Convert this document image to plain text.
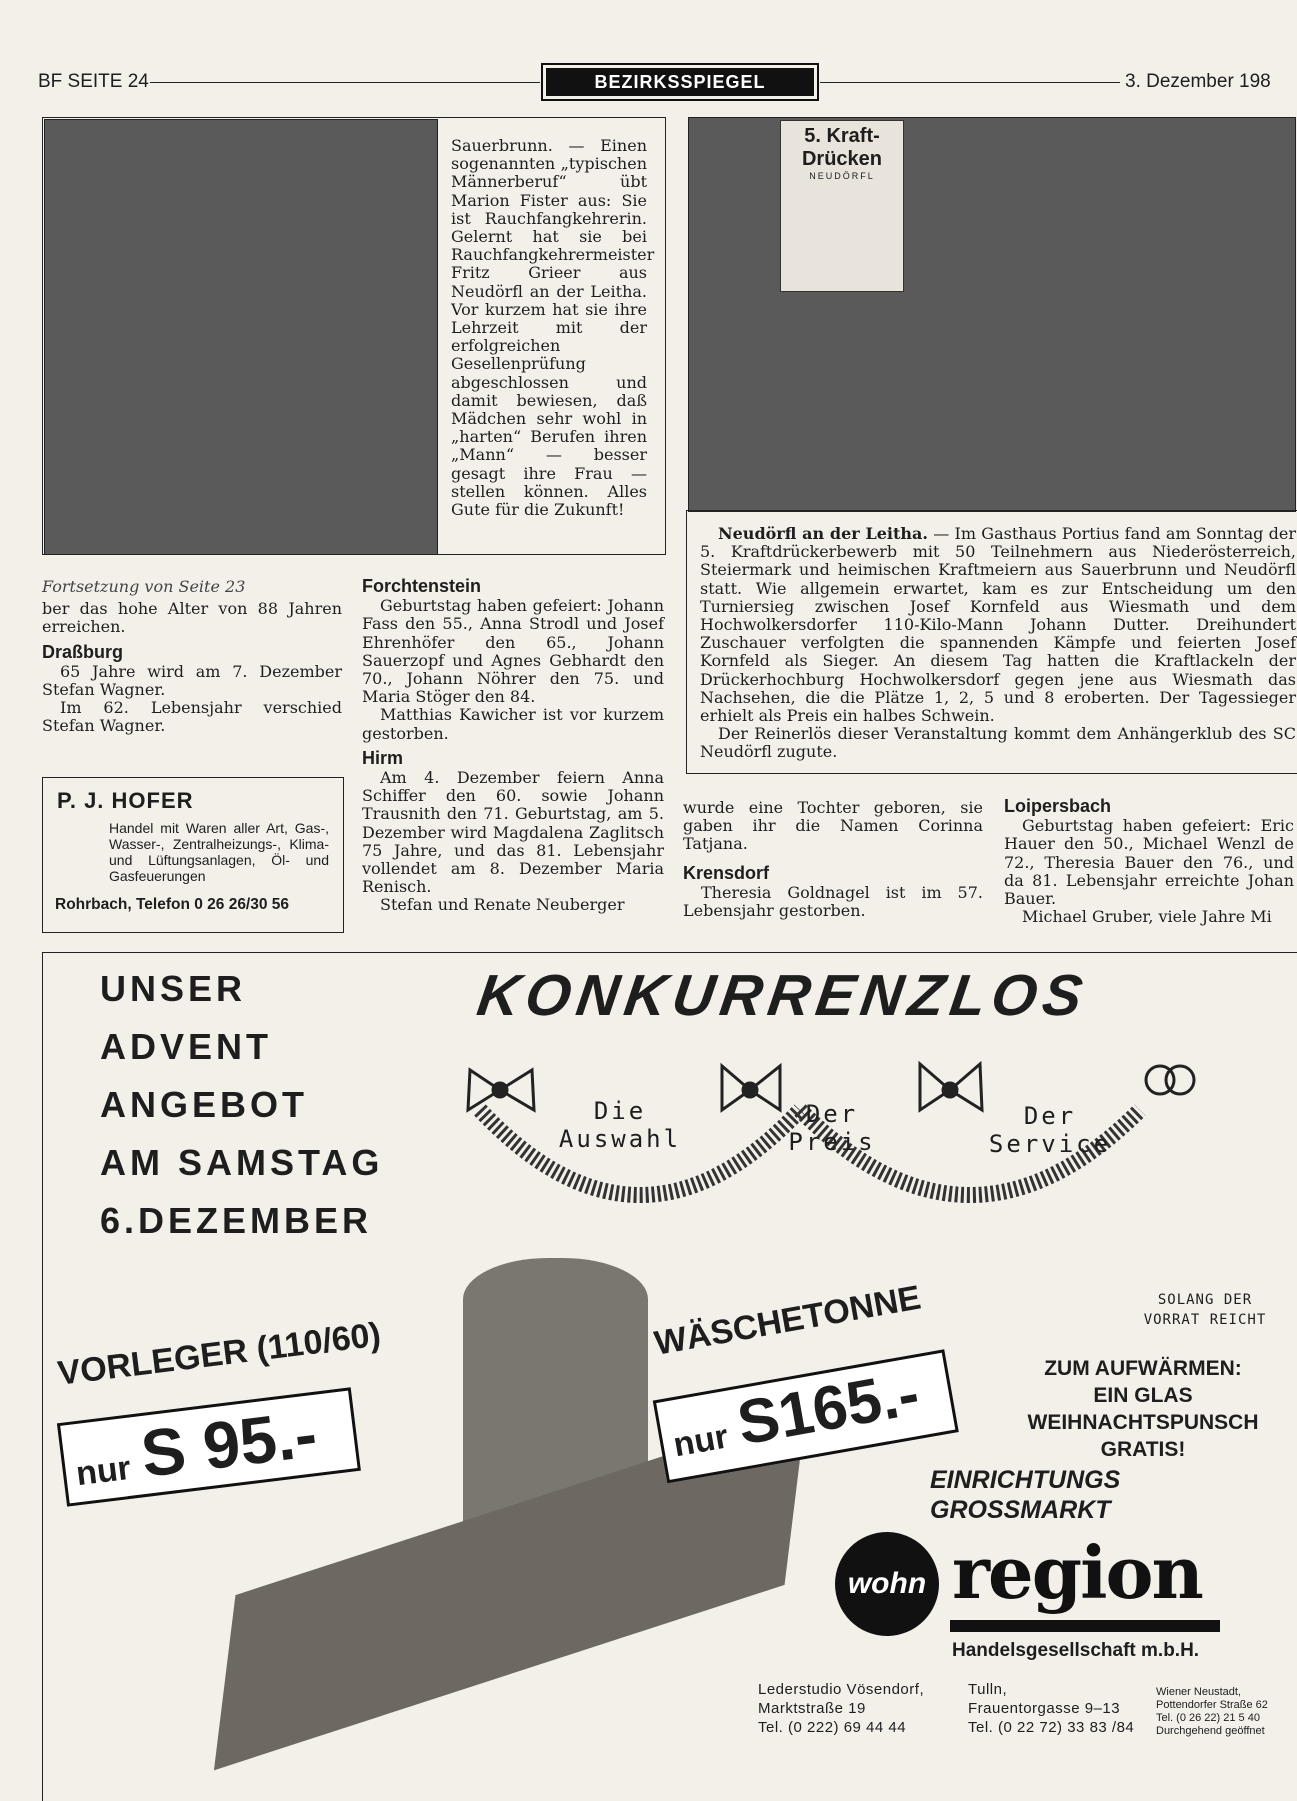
BF SEITE 24	BEZIRKSSPIEGEL	3. Dezember 198
Sauerbrunn. — Einen sogenannten „typischen Männerberuf“ übt Marion Fister aus: Sie ist Rauchfangkehrerin. Gelernt hat sie bei Rauchfangkehrermeister Fritz Grieer aus Neudörfl an der Leitha. Vor kurzem hat sie ihre Lehrzeit mit der erfolgreichen Gesellenprüfung abgeschlossen und damit bewiesen, daß Mädchen sehr wohl in „harten“ Berufen ihren „Mann“ — besser gesagt ihre Frau — stellen können. Alles Gute für die Zukunft!
5. Kraft-
Drücken
NEUDÖRFL

Neudörfl an der Leitha. — Im Gasthaus Portius fand am Sonntag der 5. Kraftdrückerbewerb mit 50 Teilnehmern aus Niederösterreich, Steiermark und heimischen Kraftmeiern aus Sauerbrunn und Neudörfl statt. Wie allgemein erwartet, kam es zur Entscheidung um den Turniersieg zwischen Josef Kornfeld aus Wiesmath und dem Hochwolkersdorfer 110-Kilo-Mann Johann Dutter. Dreihundert Zuschauer verfolgten die spannenden Kämpfe und feierten Josef Kornfeld als Sieger. An diesem Tag hatten die Kraftlackeln der Drückerhochburg Hochwolkersdorf gegen jene aus Wiesmath das Nachsehen, die die Plätze 1, 2, 5 und 8 eroberten. Der Tagessieger erhielt als Preis ein halbes Schwein.

Der Reinerlös dieser Veranstaltung kommt dem Anhängerklub des SC Neudörfl zugute.

Fortsetzung von Seite 23

ber das hohe Alter von 88 Jahren erreichen.

Draßburg

65 Jahre wird am 7. Dezember Stefan Wagner.

Im 62. Lebensjahr verschied Stefan Wagner.

P. J. HOFER
Handel mit Waren aller Art, Gas-, Wasser-, Zentralheizungs-, Klima- und Lüftungsanlagen, Öl- und Gasfeuerungen
Rohrbach, Telefon 0 26 26/30 56
Forchtenstein

Geburtstag haben gefeiert: Johann Fass den 55., Anna Strodl und Josef Ehrenhöfer den 65., Johann Sauerzopf und Agnes Gebhardt den 70., Johann Nöhrer den 75. und Maria Stöger den 84.

Matthias Kawicher ist vor kurzem gestorben.

Hirm

Am 4. Dezember feiern Anna Schiffer den 60. sowie Johann Trausnith den 71. Geburtstag, am 5. Dezember wird Magdalena Zaglitsch 75 Jahre, und das 81. Lebensjahr vollendet am 8. Dezember Maria Renisch.

Stefan und Renate Neuberger

wurde eine Tochter geboren, sie gaben ihr die Namen Corinna Tatjana.

Krensdorf

Theresia Goldnagel ist im 57. Lebensjahr gestorben.

Loipersbach

Geburtstag haben gefeiert: Eric Hauer den 50., Michael Wenzl de 72., Theresia Bauer den 76., und da 81. Lebensjahr erreichte Johan Bauer.

Michael Gruber, viele Jahre Mi

UNSER
ADVENT
ANGEBOT
AM SAMSTAG
6.DEZEMBER
KONKURRENZLOS
Die
Auswahl
Der
Preis
Der
Service
VORLEGER (110/60)
nur S 95.-
WÄSCHETONNE
nur S165.-
SOLANG DER
VORRAT REICHT
ZUM AUFWÄRMEN:
EIN GLAS
WEIHNACHTSPUNSCH
GRATIS!
EINRICHTUNGS
GROSSMARKT
wohn region
Handelsgesellschaft m.b.H.
Lederstudio Vösendorf,
Marktstraße 19
Tel. (0 222) 69 44 44
Tulln,
Frauentorgasse 9–13
Tel. (0 22 72) 33 83 /84
Wiener Neustadt,
Pottendorfer Straße 62
Tel. (0 26 22) 21 5 40
Durchgehend geöffnet
